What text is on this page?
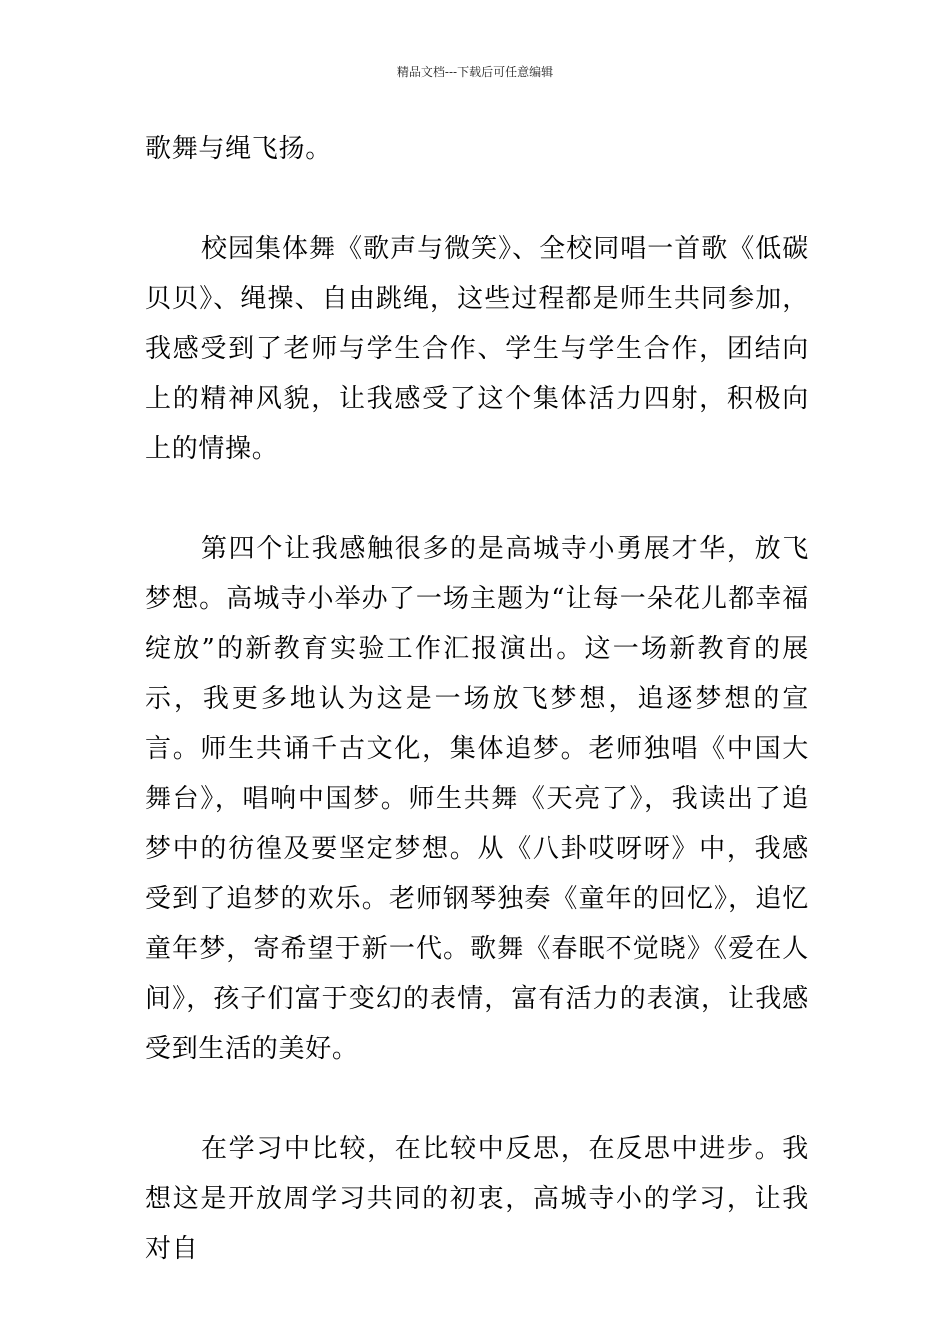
精品文档---下载后可任意编辑

歌舞与绳飞扬。

校园集体舞《歌声与微笑》、全校同唱一首歌《低碳贝贝》、绳操、自由跳绳，这些过程都是师生共同参加，我感受到了老师与学生合作、学生与学生合作，团结向上的精神风貌，让我感受了这个集体活力四射，积极向上的情操。

第四个让我感触很多的是高城寺小勇展才华，放飞梦想。高城寺小举办了一场主题为“让每一朵花儿都幸福绽放”的新教育实验工作汇报演出。这一场新教育的展示，我更多地认为这是一场放飞梦想，追逐梦想的宣言。师生共诵千古文化，集体追梦。老师独唱《中国大舞台》，唱响中国梦。师生共舞《天亮了》，我读出了追梦中的彷徨及要坚定梦想。从《八卦哎呀呀》中，我感受到了追梦的欢乐。老师钢琴独奏《童年的回忆》，追忆童年梦，寄希望于新一代。歌舞《春眠不觉晓》《爱在人间》，孩子们富于变幻的表情，富有活力的表演，让我感受到生活的美好。

在学习中比较，在比较中反思，在反思中进步。我想这是开放周学习共同的初衷，高城寺小的学习，让我对自
